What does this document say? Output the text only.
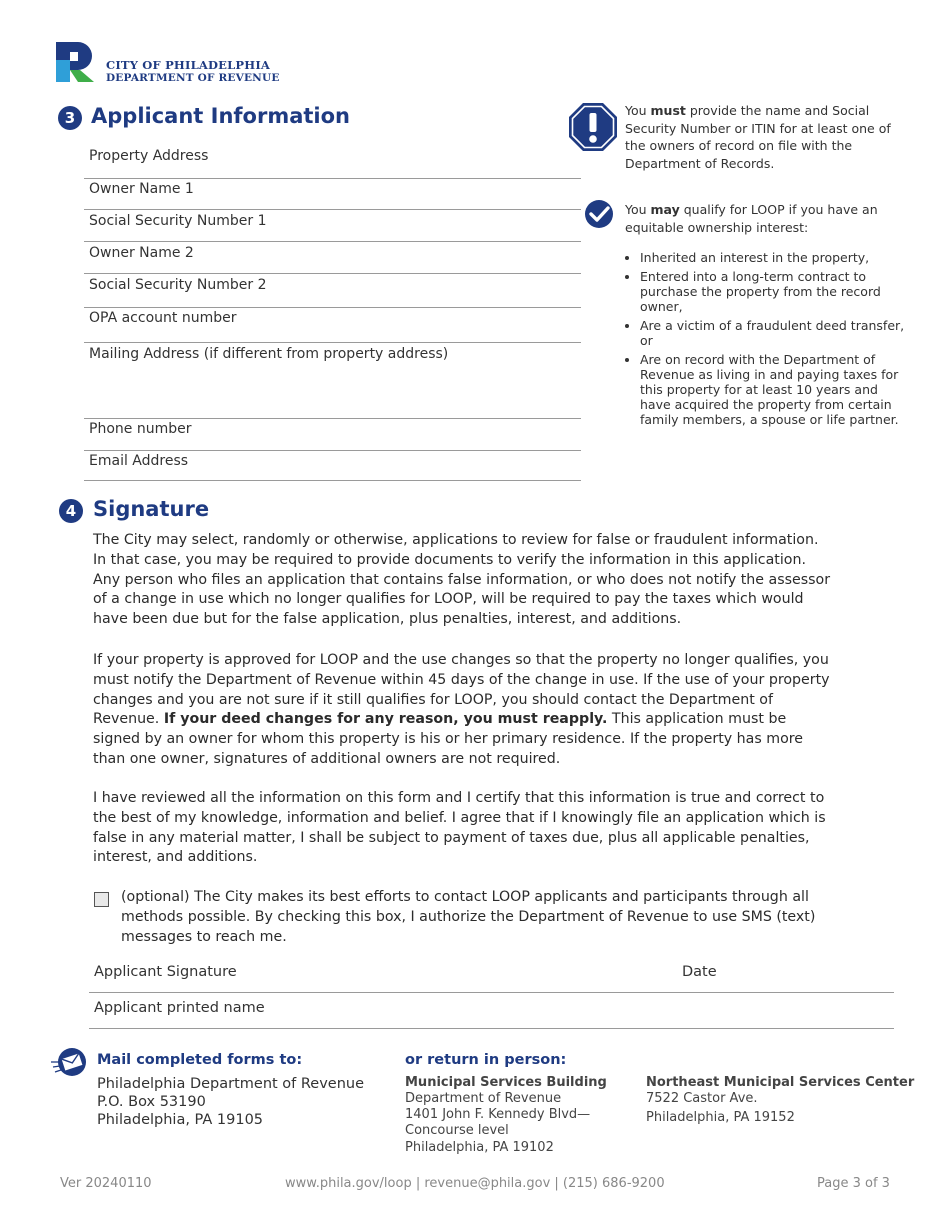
CITY OF PHILADELPHIA
DEPARTMENT OF REVENUE
3 Applicant Information
Property Address
Owner Name 1
Social Security Number 1
Owner Name 2
Social Security Number 2
OPA account number
Mailing Address (if different from property address)
Phone number
Email Address
You must provide the name and Social Security Number or ITIN for at least one of the owners of record on file with the Department of Records.
You may qualify for LOOP if you have an equitable ownership interest:
• Inherited an interest in the property,
• Entered into a long-term contract to purchase the property from the record owner,
• Are a victim of a fraudulent deed transfer, or
• Are on record with the Department of Revenue as living in and paying taxes for this property for at least 10 years and have acquired the property from certain family members, a spouse or life partner.
4 Signature
The City may select, randomly or otherwise, applications to review for false or fraudulent information. In that case, you may be required to provide documents to verify the information in this application. Any person who files an application that contains false information, or who does not notify the assessor of a change in use which no longer qualifies for LOOP, will be required to pay the taxes which would have been due but for the false application, plus penalties, interest, and additions.
If your property is approved for LOOP and the use changes so that the property no longer qualifies, you must notify the Department of Revenue within 45 days of the change in use. If the use of your property changes and you are not sure if it still qualifies for LOOP, you should contact the Department of Revenue. If your deed changes for any reason, you must reapply. This application must be signed by an owner for whom this property is his or her primary residence. If the property has more than one owner, signatures of additional owners are not required.
I have reviewed all the information on this form and I certify that this information is true and correct to the best of my knowledge, information and belief. I agree that if I knowingly file an application which is false in any material matter, I shall be subject to payment of taxes due, plus all applicable penalties, interest, and additions.
(optional) The City makes its best efforts to contact LOOP applicants and participants through all methods possible. By checking this box, I authorize the Department of Revenue to use SMS (text) messages to reach me.
Applicant Signature	Date
Applicant printed name
Mail completed forms to:
Philadelphia Department of Revenue
P.O. Box 53190
Philadelphia, PA 19105
or return in person:
Municipal Services Building
Department of Revenue
1401 John F. Kennedy Blvd—
Concourse level
Philadelphia, PA 19102
Northeast Municipal Services Center
7522 Castor Ave.
Philadelphia, PA 19152
Ver 20240110	www.phila.gov/loop | revenue@phila.gov | (215) 686-9200	Page 3 of 3
